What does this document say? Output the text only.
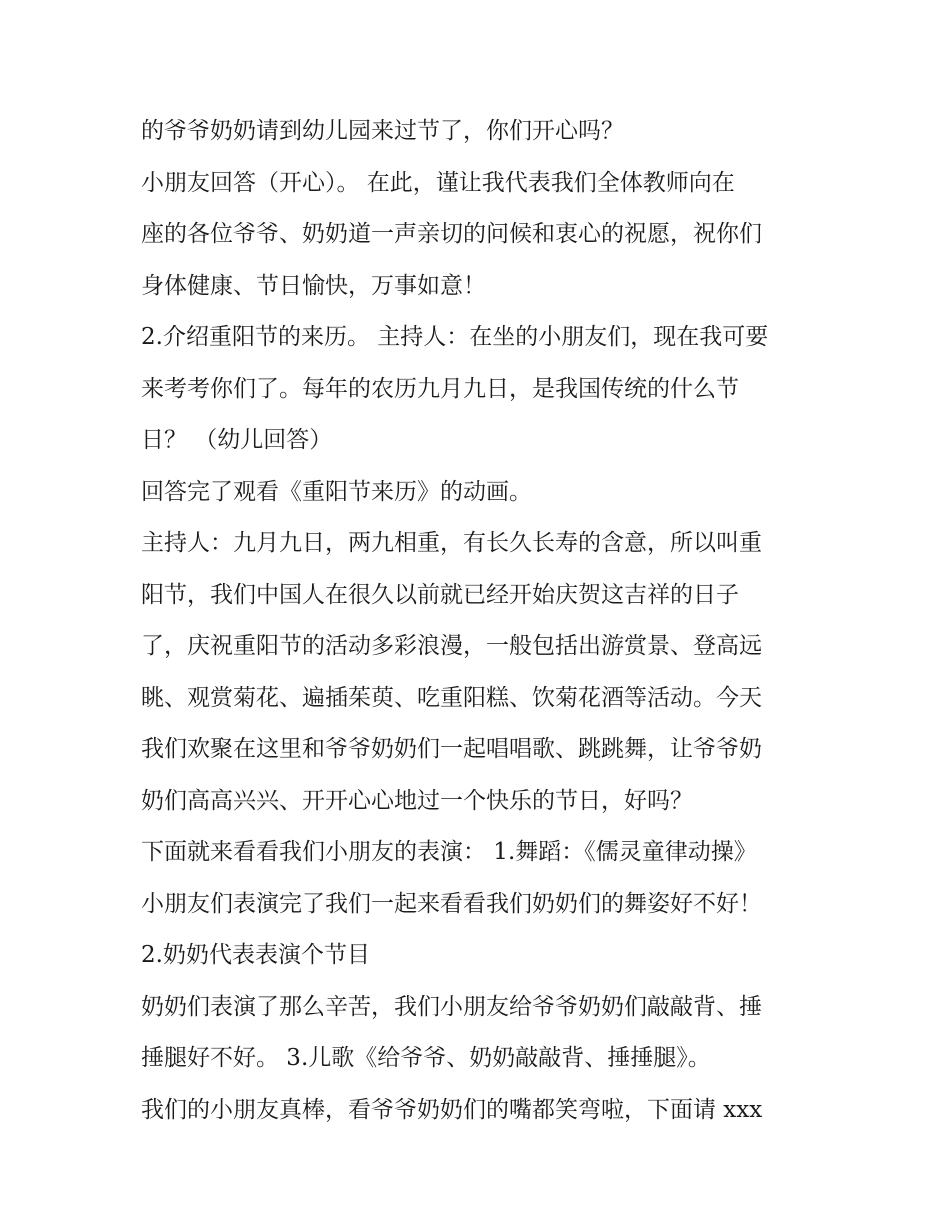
的爷爷奶奶请到幼儿园来过节了，你们开心吗？
小朋友回答（开心）。 在此，谨让我代表我们全体教师向在
座的各位爷爷、奶奶道一声亲切的问候和衷心的祝愿，祝你们
身体健康、节日愉快，万事如意！
2.介绍重阳节的来历。 主持人：在坐的小朋友们，现在我可要
来考考你们了。每年的农历九月九日，是我国传统的什么节
日？ （幼儿回答）
回答完了观看《重阳节来历》的动画。
主持人：九月九日，两九相重，有长久长寿的含意，所以叫重
阳节，我们中国人在很久以前就已经开始庆贺这吉祥的日子
了，庆祝重阳节的活动多彩浪漫，一般包括出游赏景、登高远
眺、观赏菊花、遍插茱萸、吃重阳糕、饮菊花酒等活动。今天
我们欢聚在这里和爷爷奶奶们一起唱唱歌、跳跳舞，让爷爷奶
奶们高高兴兴、开开心心地过一个快乐的节日，好吗？
下面就来看看我们小朋友的表演： 1.舞蹈：《儒灵童律动操》
小朋友们表演完了我们一起来看看我们奶奶们的舞姿好不好！
2.奶奶代表表演个节目
奶奶们表演了那么辛苦，我们小朋友给爷爷奶奶们敲敲背、捶
捶腿好不好。 3.儿歌《给爷爷、奶奶敲敲背、捶捶腿》。
我们的小朋友真棒，看爷爷奶奶们的嘴都笑弯啦，下面请 xxx
